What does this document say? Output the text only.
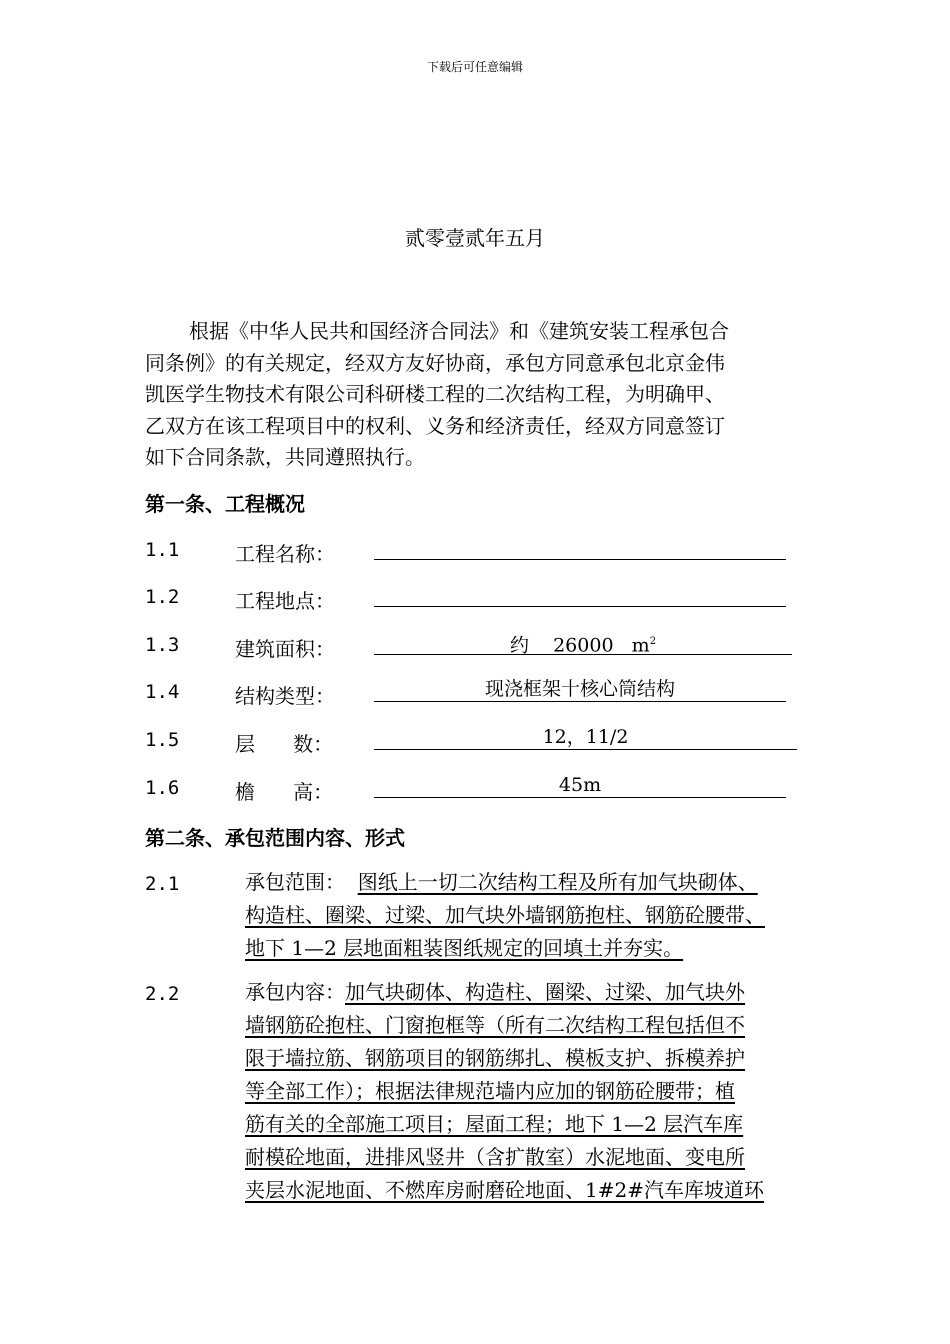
下载后可任意编辑
贰零壹贰年五月

根据《中华人民共和国经济合同法》和《建筑安装工程承包合

同条例》的有关规定，经双方友好协商，承包方同意承包北京金伟

凯医学生物技术有限公司科研楼工程的二次结构工程，为明确甲、

乙双方在该工程项目中的权利、义务和经济责任，经双方同意签订

如下合同条款，共同遵照执行。

第一条、工程概况
1.1	工程名称：
1.2	工程地点：
1.3	建筑面积：	约    26000   $m^2$
1.4	结构类型：	现浇框架十核心筒结构
1.5	层      数：	12，11/2
1.6	檐      高：	45m
第二条、承包范围内容、形式
2.1	承包范围： 图纸上一切二次结构工程及所有加气块砌体、

构造柱、圈梁、过梁、加气块外墙钢筋抱柱、钢筋砼腰带、

地下 1—2 层地面粗装图纸规定的回填土并夯实。

2.2	承包内容：加气块砌体、构造柱、圈梁、过梁、加气块外

墙钢筋砼抱柱、门窗抱框等（所有二次结构工程包括但不

限于墙拉筋、钢筋项目的钢筋绑扎、模板支护、拆模养护

等全部工作）；根据法律规范墙内应加的钢筋砼腰带；植

筋有关的全部施工项目；屋面工程；地下 1—2 层汽车库

耐模砼地面，进排风竖井（含扩散室）水泥地面、变电所

夹层水泥地面、不燃库房耐磨砼地面、1#2#汽车库坡道环
